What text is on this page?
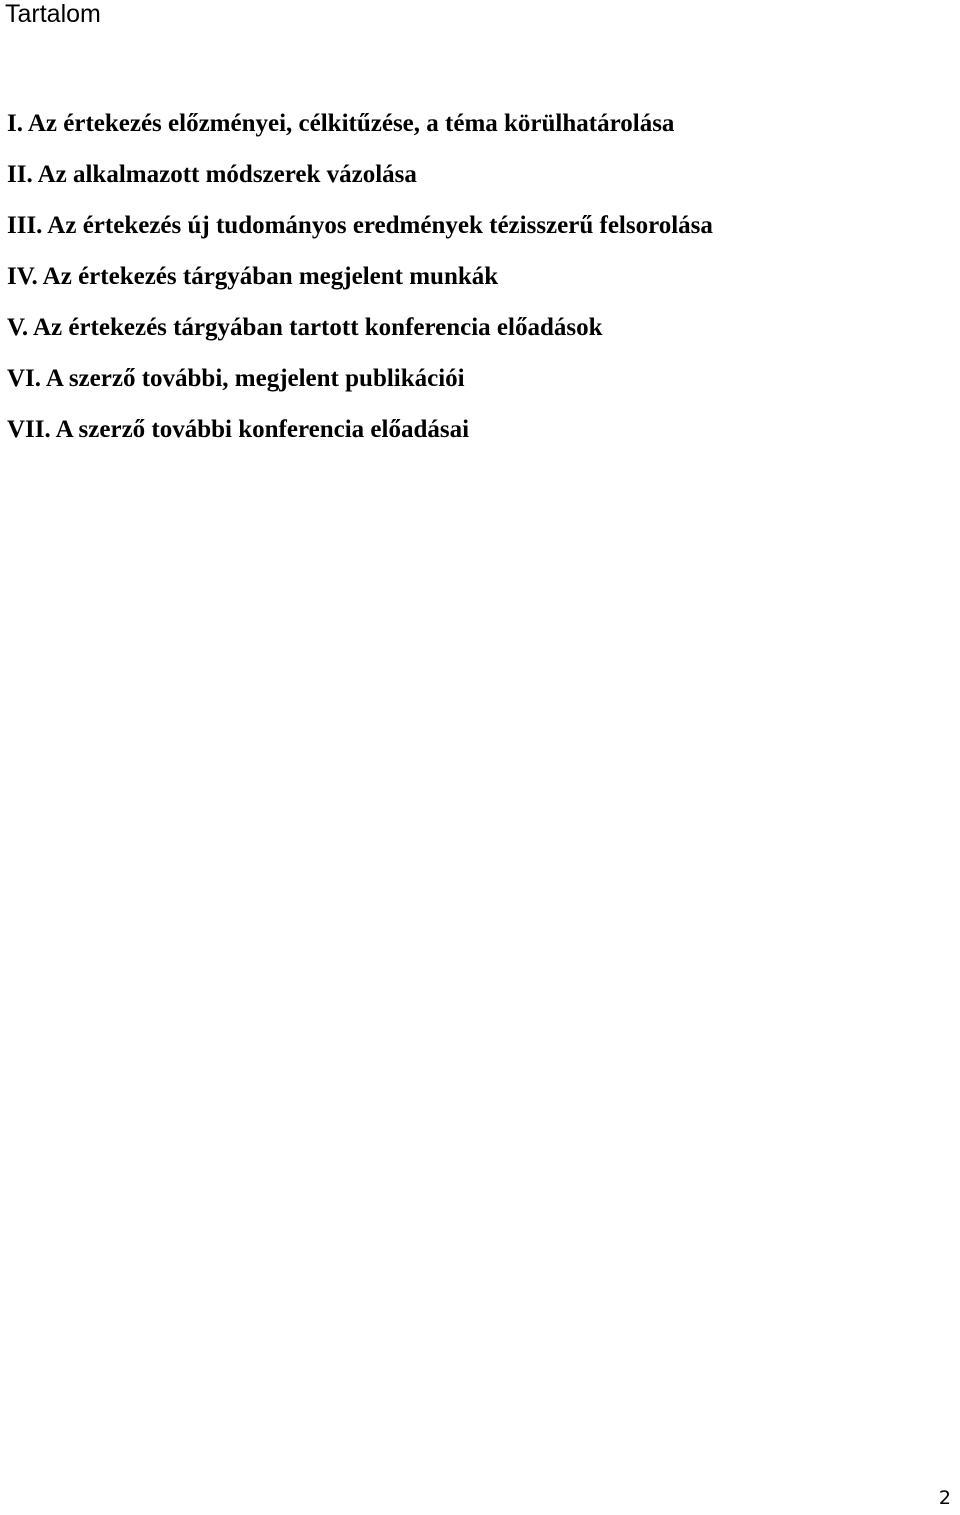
Tartalom
I. Az értekezés előzményei, célkitűzése, a téma körülhatárolása
II. Az alkalmazott módszerek vázolása
III. Az értekezés új tudományos eredmények tézisszerű felsorolása
IV. Az értekezés tárgyában megjelent munkák
V. Az értekezés tárgyában tartott konferencia előadások
VI. A szerző további, megjelent publikációi
VII. A szerző további konferencia előadásai
2
